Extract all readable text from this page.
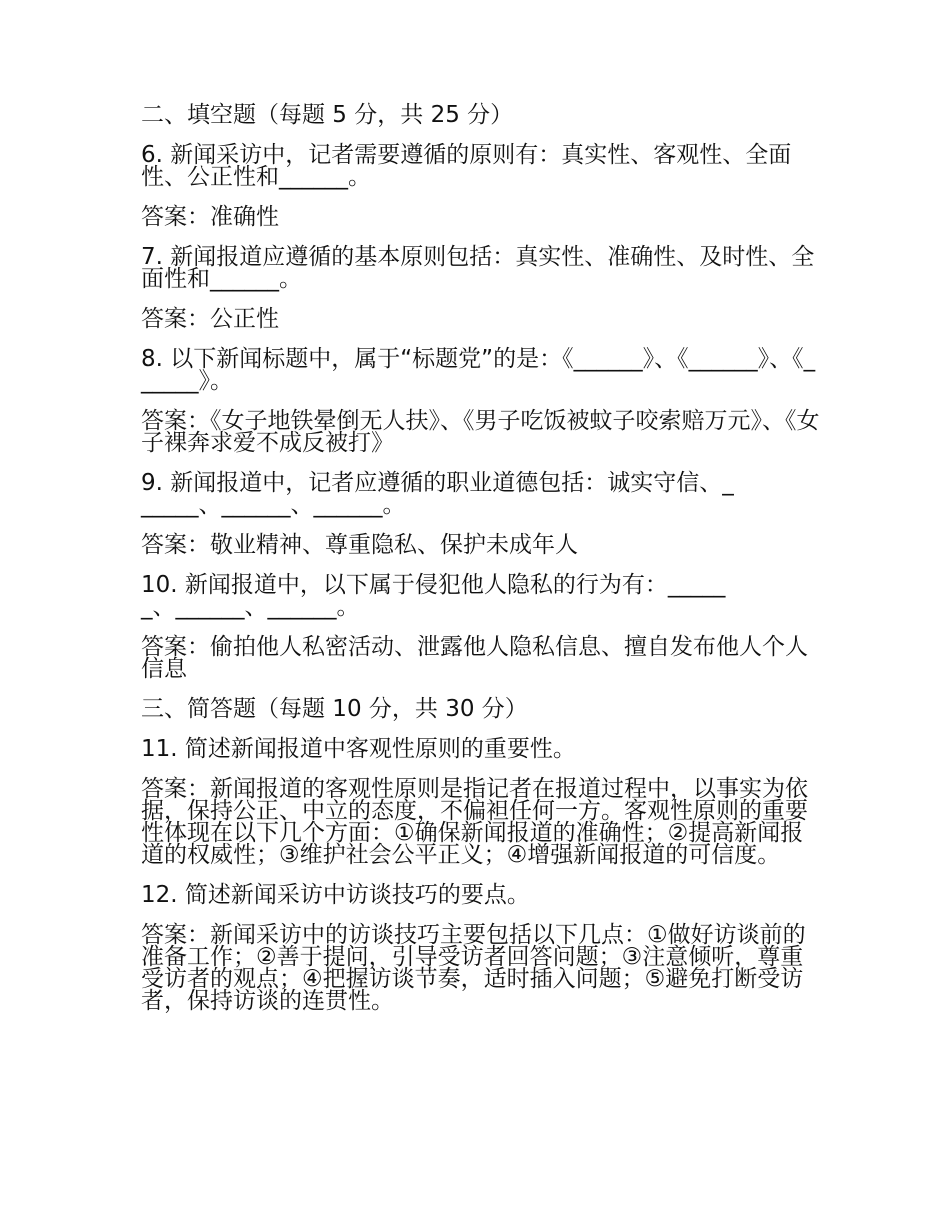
二、填空题（每题 5 分，共 25 分）

6. 新闻采访中，记者需要遵循的原则有：真实性、客观性、全面性、公正性和______。

答案：准确性

7. 新闻报道应遵循的基本原则包括：真实性、准确性、及时性、全面性和______。

答案：公正性

8. 以下新闻标题中，属于“标题党”的是：《______》、《______》、《______》。

答案：《女子地铁晕倒无人扶》、《男子吃饭被蚊子咬索赔万元》、《女子裸奔求爱不成反被打》

9. 新闻报道中，记者应遵循的职业道德包括：诚实守信、______、______、______。

答案：敬业精神、尊重隐私、保护未成年人

10. 新闻报道中，以下属于侵犯他人隐私的行为有：______、______、______。

答案：偷拍他人私密活动、泄露他人隐私信息、擅自发布他人个人信息

三、简答题（每题 10 分，共 30 分）

11. 简述新闻报道中客观性原则的重要性。

答案：新闻报道的客观性原则是指记者在报道过程中，以事实为依据，保持公正、中立的态度，不偏袒任何一方。客观性原则的重要性体现在以下几个方面：①确保新闻报道的准确性；②提高新闻报道的权威性；③维护社会公平正义；④增强新闻报道的可信度。

12. 简述新闻采访中访谈技巧的要点。

答案：新闻采访中的访谈技巧主要包括以下几点：①做好访谈前的准备工作；②善于提问，引导受访者回答问题；③注意倾听，尊重受访者的观点；④把握访谈节奏，适时插入问题；⑤避免打断受访者，保持访谈的连贯性。
